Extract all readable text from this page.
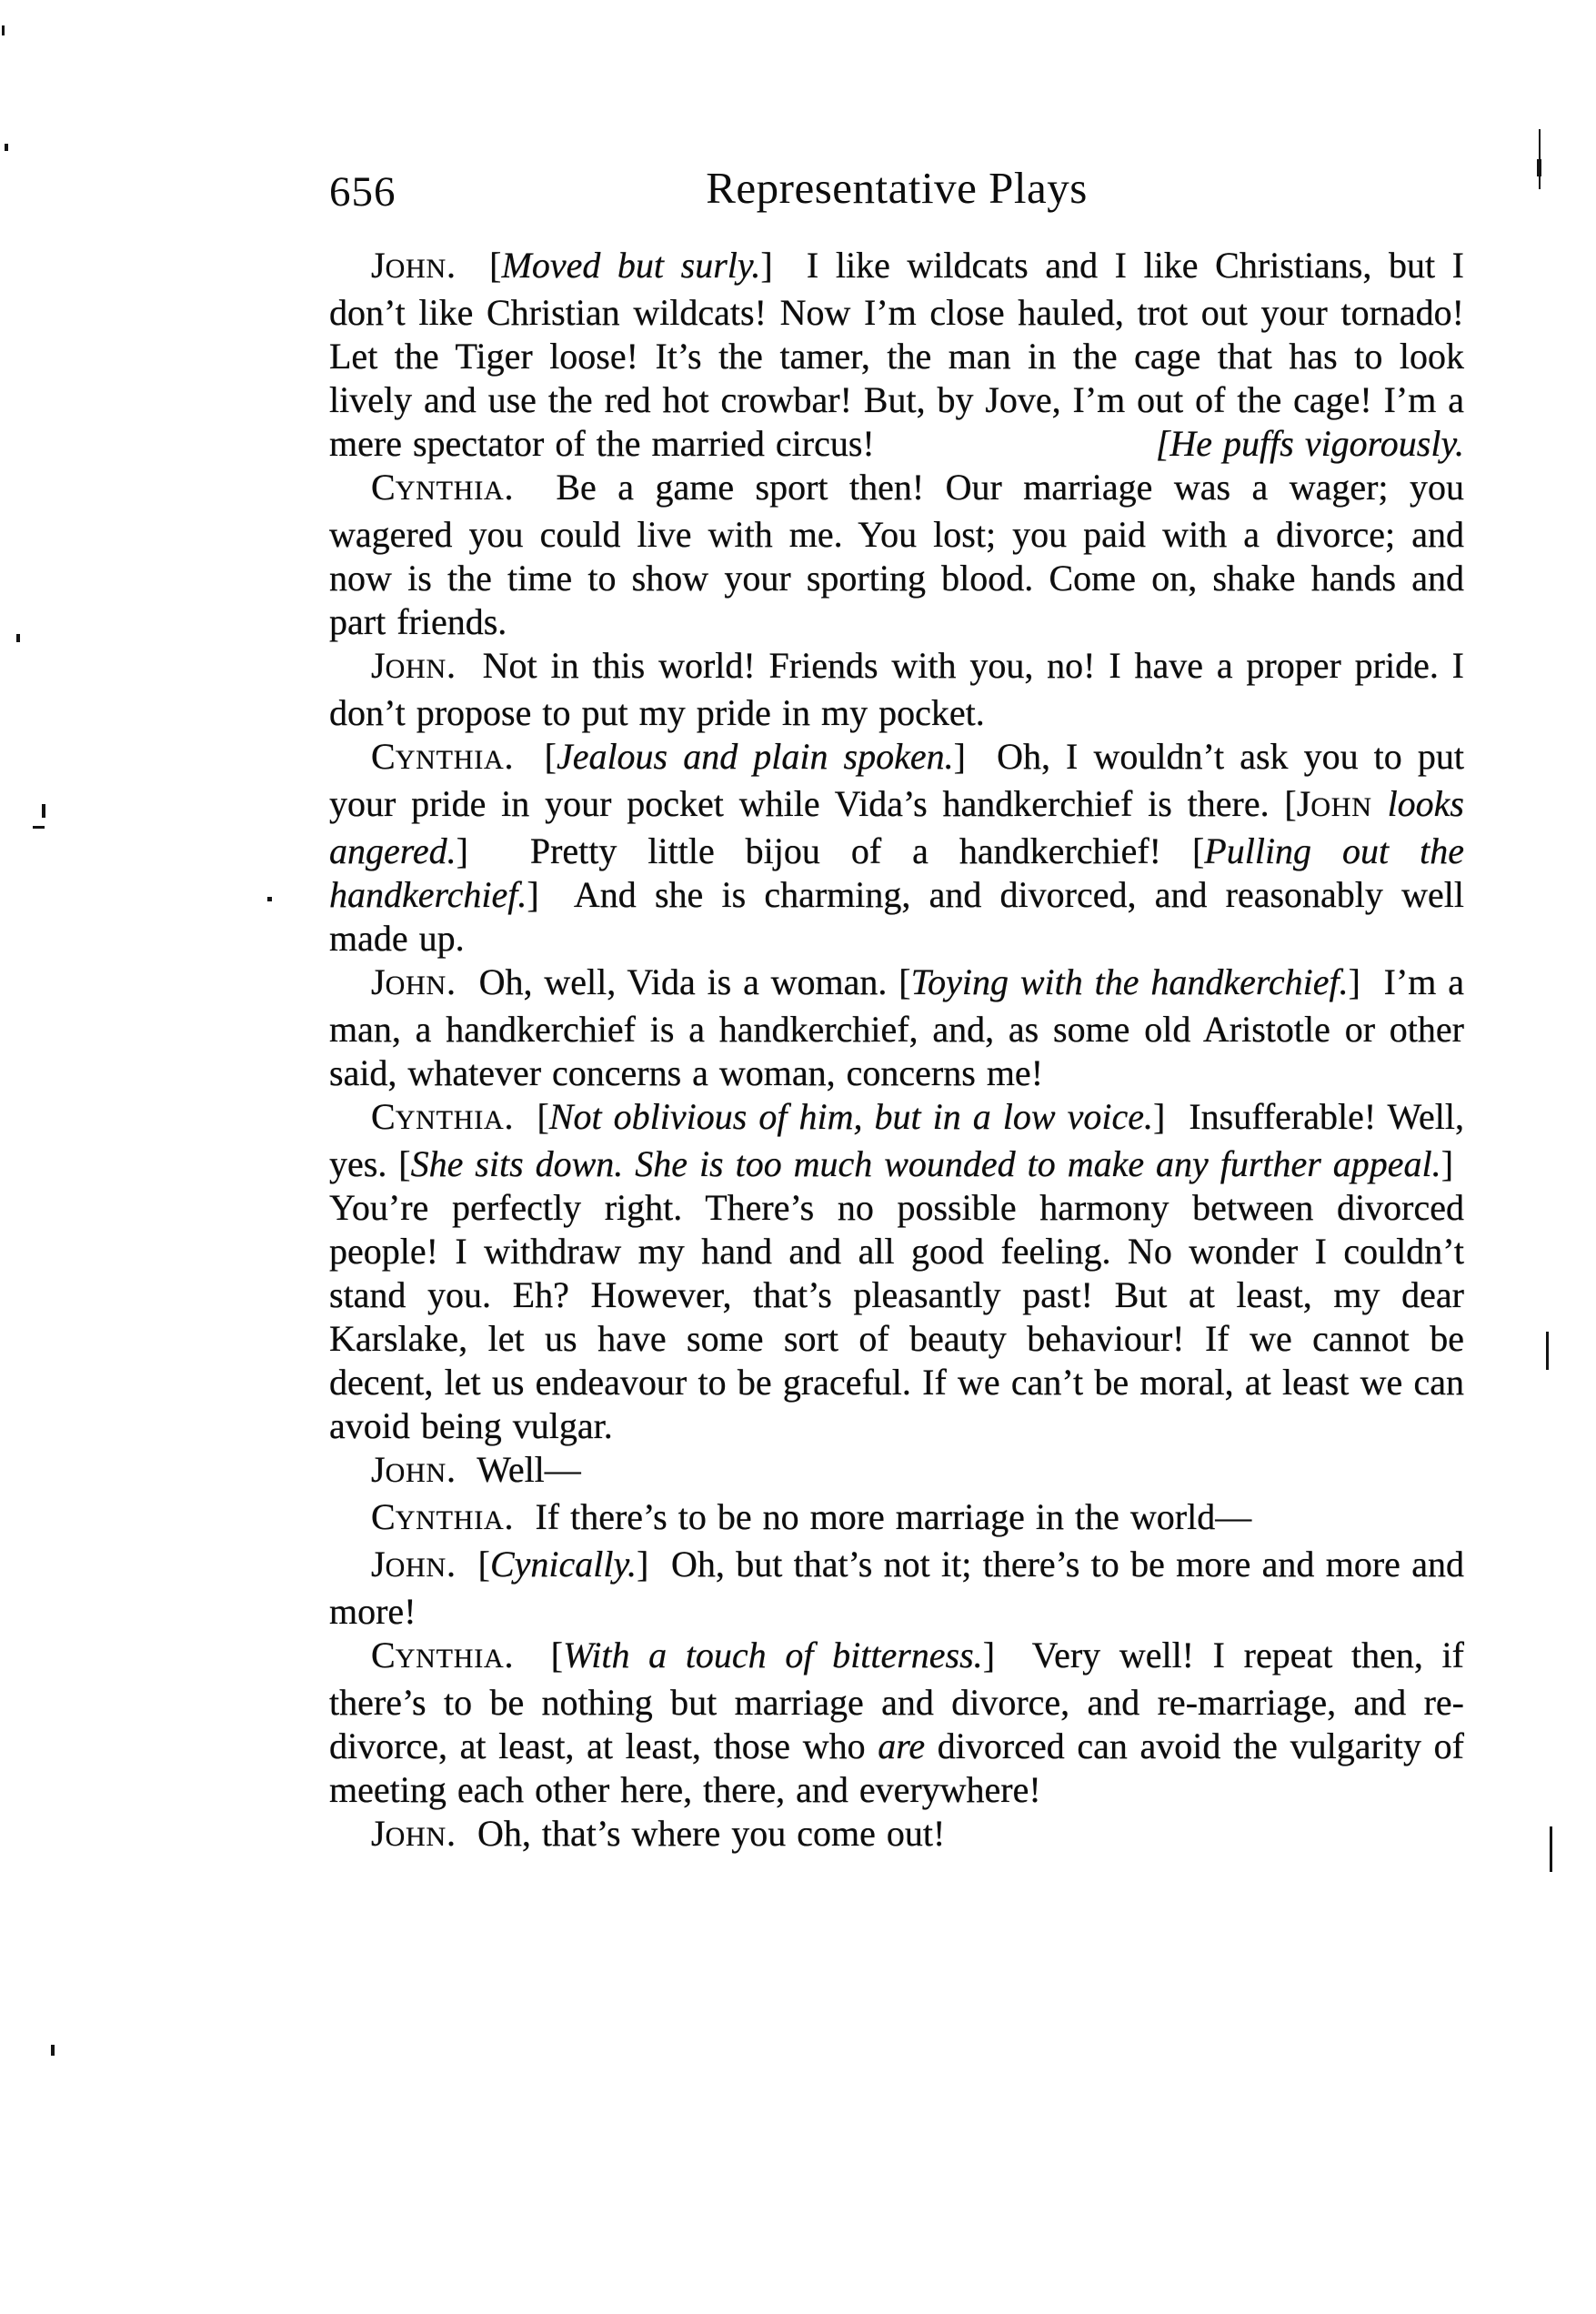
656	Representative Plays

JOHN.  [Moved but surly.]  I like wildcats and I like Christians, but I don’t like Christian wildcats! Now I’m close hauled, trot out your tornado! Let the Tiger loose! It’s the tamer, the man in the cage that has to look lively and use the red hot crowbar! But, by Jove, I’m out of the cage! I’m a mere spectator of the married circus!	[He puffs vigorously.

CYNTHIA.  Be a game sport then! Our marriage was a wager; you wagered you could live with me. You lost; you paid with a divorce; and now is the time to show your sporting blood. Come on, shake hands and part friends.

JOHN.  Not in this world! Friends with you, no! I have a proper pride. I don’t propose to put my pride in my pocket.

CYNTHIA.  [Jealous and plain spoken.]  Oh, I wouldn’t ask you to put your pride in your pocket while Vida’s handkerchief is there. [JOHN looks angered.]  Pretty little bijou of a handkerchief! [Pulling out the handkerchief.]  And she is charming, and divorced, and reasonably well made up.

JOHN.  Oh, well, Vida is a woman. [Toying with the handkerchief.]  I’m a man, a handkerchief is a handkerchief, and, as some old Aristotle or other said, whatever concerns a woman, concerns me!

CYNTHIA.  [Not oblivious of him, but in a low voice.]  Insufferable! Well, yes. [She sits down. She is too much wounded to make any further appeal.]  You’re perfectly right. There’s no possible harmony between divorced people! I withdraw my hand and all good feeling. No wonder I couldn’t stand you. Eh? However, that’s pleasantly past! But at least, my dear Karslake, let us have some sort of beauty behaviour! If we cannot be decent, let us endeavour to be graceful. If we can’t be moral, at least we can avoid being vulgar.

JOHN.  Well—

CYNTHIA.  If there’s to be no more marriage in the world—

JOHN.  [Cynically.]  Oh, but that’s not it; there’s to be more and more and more!

CYNTHIA.  [With a touch of bitterness.]  Very well! I repeat then, if there’s to be nothing but marriage and divorce, and re-marriage, and re-divorce, at least, at least, those who are divorced can avoid the vulgarity of meeting each other here, there, and everywhere!

JOHN.  Oh, that’s where you come out!
